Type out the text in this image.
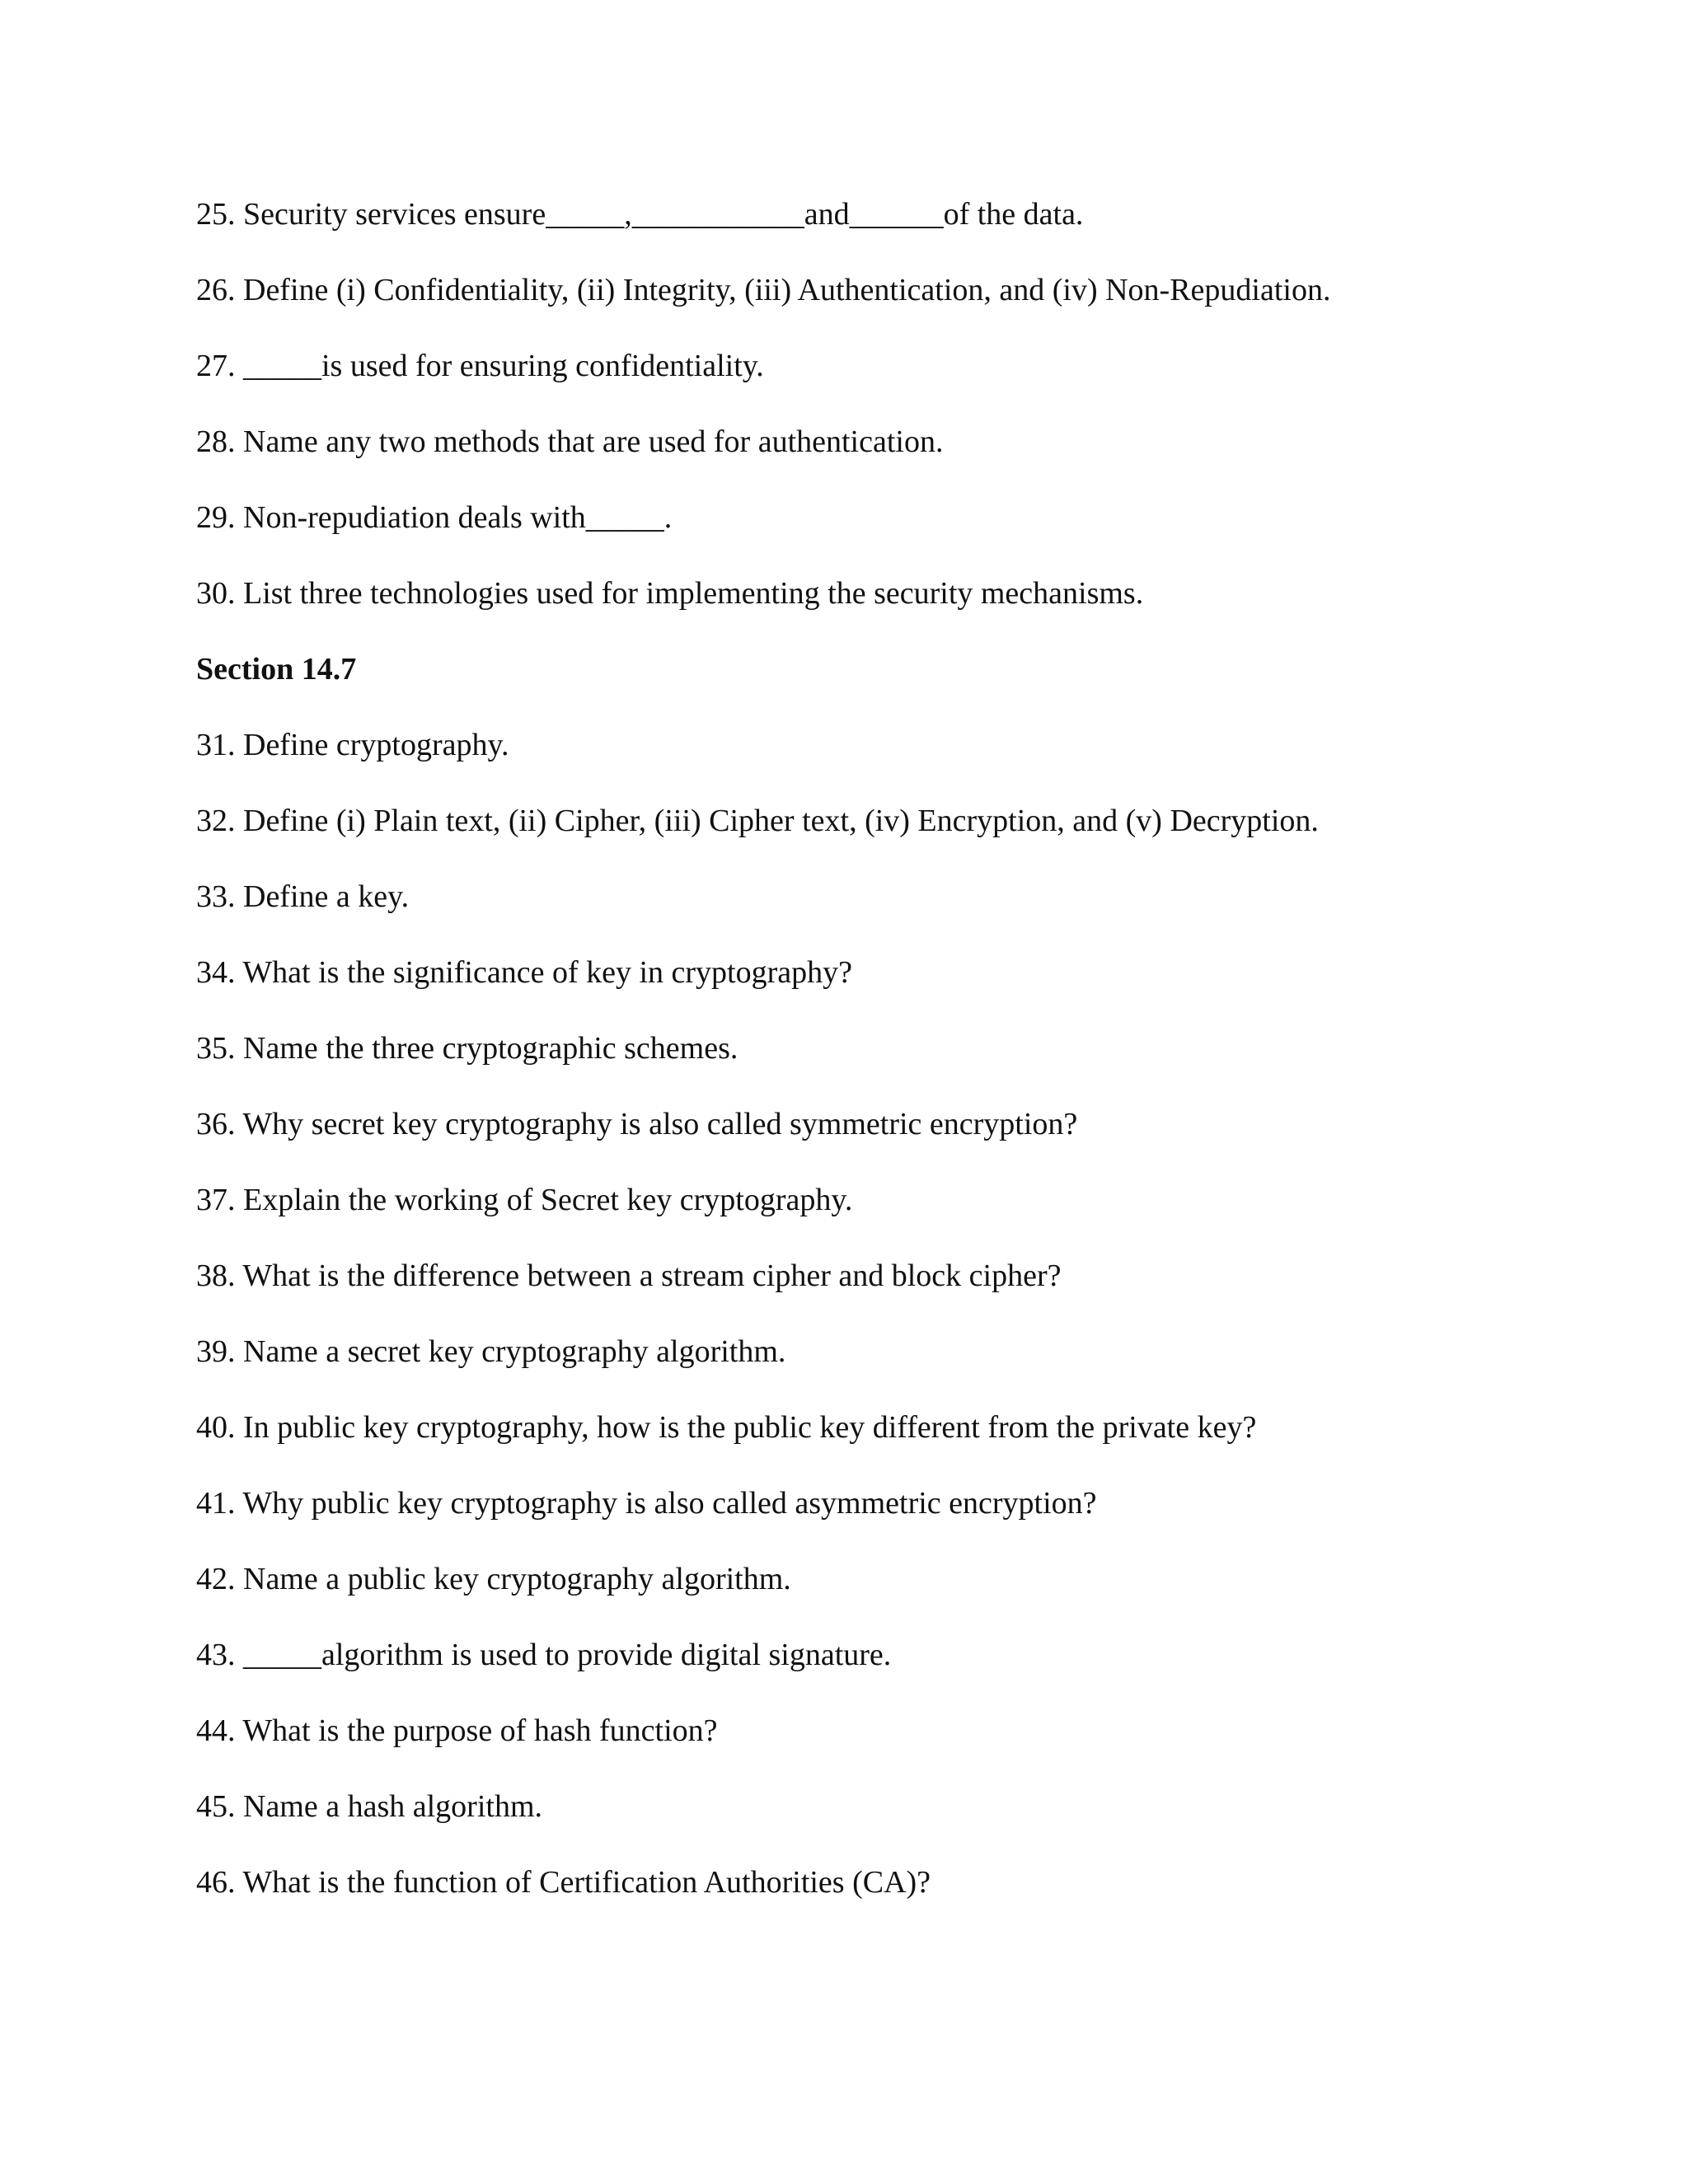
25. Security services ensure_____,___________and______of the data.
26. Define (i) Confidentiality, (ii) Integrity, (iii) Authentication, and (iv) Non-Repudiation.
27. _____is used for ensuring confidentiality.
28. Name any two methods that are used for authentication.
29. Non-repudiation deals with_____.
30. List three technologies used for implementing the security mechanisms.
Section 14.7
31. Define cryptography.
32. Define (i) Plain text, (ii) Cipher, (iii) Cipher text, (iv) Encryption, and (v) Decryption.
33. Define a key.
34. What is the significance of key in cryptography?
35. Name the three cryptographic schemes.
36. Why secret key cryptography is also called symmetric encryption?
37. Explain the working of Secret key cryptography.
38. What is the difference between a stream cipher and block cipher?
39. Name a secret key cryptography algorithm.
40. In public key cryptography, how is the public key different from the private key?
41. Why public key cryptography is also called asymmetric encryption?
42. Name a public key cryptography algorithm.
43. _____algorithm is used to provide digital signature.
44. What is the purpose of hash function?
45. Name a hash algorithm.
46. What is the function of Certification Authorities (CA)?
